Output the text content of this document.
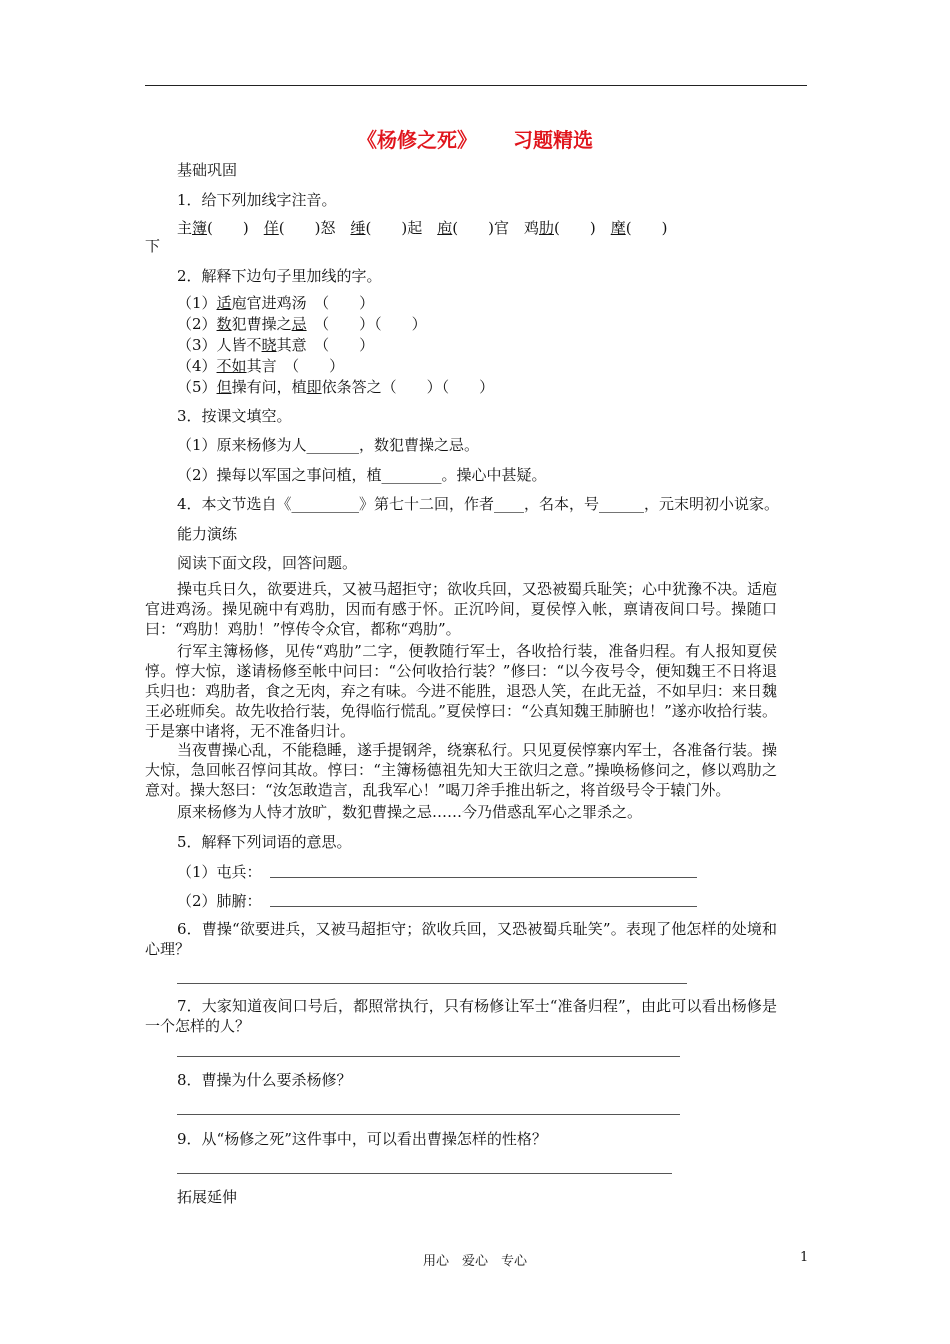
《杨修之死》 习题精选
基础巩固
1．给下列加线字注音。
主簿(　　)　佯(　　)怒　缍(　　)起　庖(　　)官　鸡肋(　　)　麾(　　)
下
2．解释下边句子里加线的字。
（1）适庖官进鸡汤　（　　）
（2）数犯曹操之忌　（　　）（　　）
（3）人皆不晓其意　（　　）
（4）不如其言　（　　）
（5）但操有问，植即依条答之（　　）（　　）
3．按课文填空。
（1）原来杨修为人_______，数犯曹操之忌。
（2）操每以军国之事问植，植________。操心中甚疑。
4．本文节选自《_________》第七十二回，作者____，名本，号______，元末明初小说家。
能力演练
阅读下面文段，回答问题。
操屯兵日久，欲要进兵，又被马超拒守；欲收兵回，又恐被蜀兵耻笑；心中犹豫不决。适庖官进鸡汤。操见碗中有鸡肋，因而有感于怀。正沉吟间，夏侯惇入帐，禀请夜间口号。操随口曰：“鸡肋！鸡肋！”惇传令众官，都称“鸡肋”。
行军主簿杨修，见传“鸡肋”二字，便教随行军士，各收拾行装，准备归程。有人报知夏侯惇。惇大惊，遂请杨修至帐中问曰：“公何收拾行装？”修曰：“以今夜号令，便知魏王不日将退兵归也：鸡肋者，食之无肉，弃之有味。今进不能胜，退恐人笑，在此无益，不如早归：来日魏王必班师矣。故先收拾行装，免得临行慌乱。”夏侯惇曰：“公真知魏王肺腑也！”遂亦收拾行装。于是寨中诸将，无不准备归计。
当夜曹操心乱，不能稳睡，遂手提钢斧，绕寨私行。只见夏侯惇寨内军士，各准备行装。操大惊，急回帐召惇问其故。惇曰：“主簿杨德祖先知大王欲归之意。”操唤杨修问之，修以鸡肋之意对。操大怒曰：“汝怎敢造言，乱我军心！”喝刀斧手推出斩之，将首级号令于辕门外。
原来杨修为人恃才放旷，数犯曹操之忌……今乃借惑乱军心之罪杀之。
5．解释下列词语的意思。
（1）屯兵：
（2）肺腑：
6．曹操“欲要进兵，又被马超拒守；欲收兵回，又恐被蜀兵耻笑”。表现了他怎样的处境和心理？
7．大家知道夜间口号后，都照常执行，只有杨修让军士“准备归程”，由此可以看出杨修是一个怎样的人？
8．曹操为什么要杀杨修？
9．从“杨修之死”这件事中，可以看出曹操怎样的性格？
拓展延伸
用心　爱心　专心	1
